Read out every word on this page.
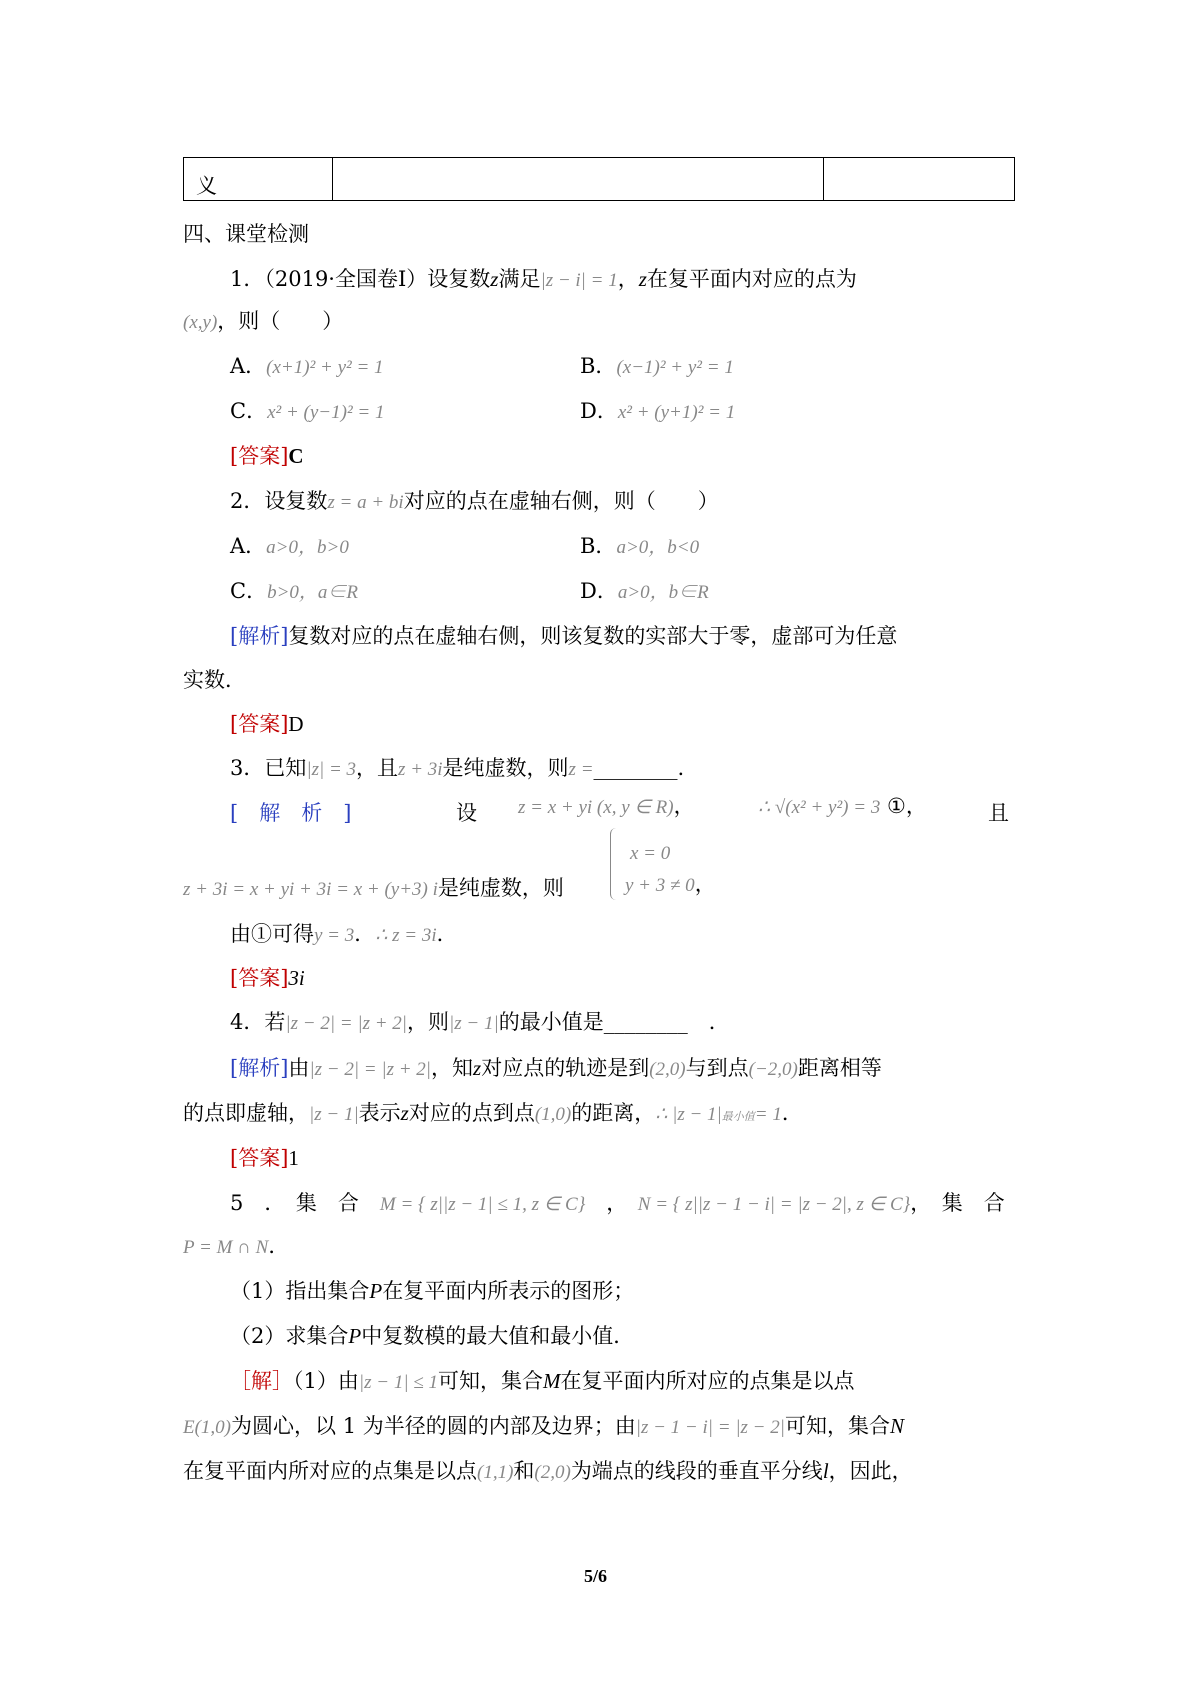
义		
四、课堂检测
1．（2019·全国卷Ⅰ）设复数z满足|z − i| = 1，z在复平面内对应的点为
(x,y)，则（　　）
A．(x+1)² + y² = 1	B．(x−1)² + y² = 1
C．x² + (y−1)² = 1	D．x² + (y+1)² = 1
[答案]C
2．设复数z = a + bi对应的点在虚轴右侧，则（　　）
A．a>0，b>0	B．a>0，b<0
C．b>0，a∈R	D．a>0，b∈R
[解析]复数对应的点在虚轴右侧，则该复数的实部大于零，虚部可为任意
实数．
[答案]D
3．已知|z| = 3，且z + 3i是纯虚数，则z =________.
[　解　析　]	设 z = x + yi (x, y ∈ R)，	∴ √(x² + y²) = 3 ①，	且
z + 3i = x + yi + 3i = x + (y+3) i是纯虚数，则
x = 0
y + 3 ≠ 0，
由①可得y = 3．∴ z = 3i．
[答案]3i
4．若|z − 2| = |z + 2|，则|z − 1|的最小值是________　．
[解析]由|z − 2| = |z + 2|，知z对应点的轨迹是到(2,0)与到点(−2,0)距离相等
的点即虚轴，|z − 1|表示z对应的点到点(1,0)的距离，∴ |z − 1|最小值= 1．
[答案]1
5　．　集　合　 M = { z||z − 1| ≤ 1, z ∈ C}　 ，　 N = { z||z − 1 − i| = |z − 2|, z ∈ C}，　集　合
P = M ∩ N．
（1）指出集合P在复平面内所表示的图形；
（2）求集合P中复数模的最大值和最小值．
［解］（1）由|z − 1| ≤ 1可知，集合M在复平面内所对应的点集是以点
E(1,0)为圆心，以 1 为半径的圆的内部及边界；由|z − 1 − i| = |z − 2|可知，集合N
在复平面内所对应的点集是以点(1,1)和(2,0)为端点的线段的垂直平分线l，因此，
5/6
